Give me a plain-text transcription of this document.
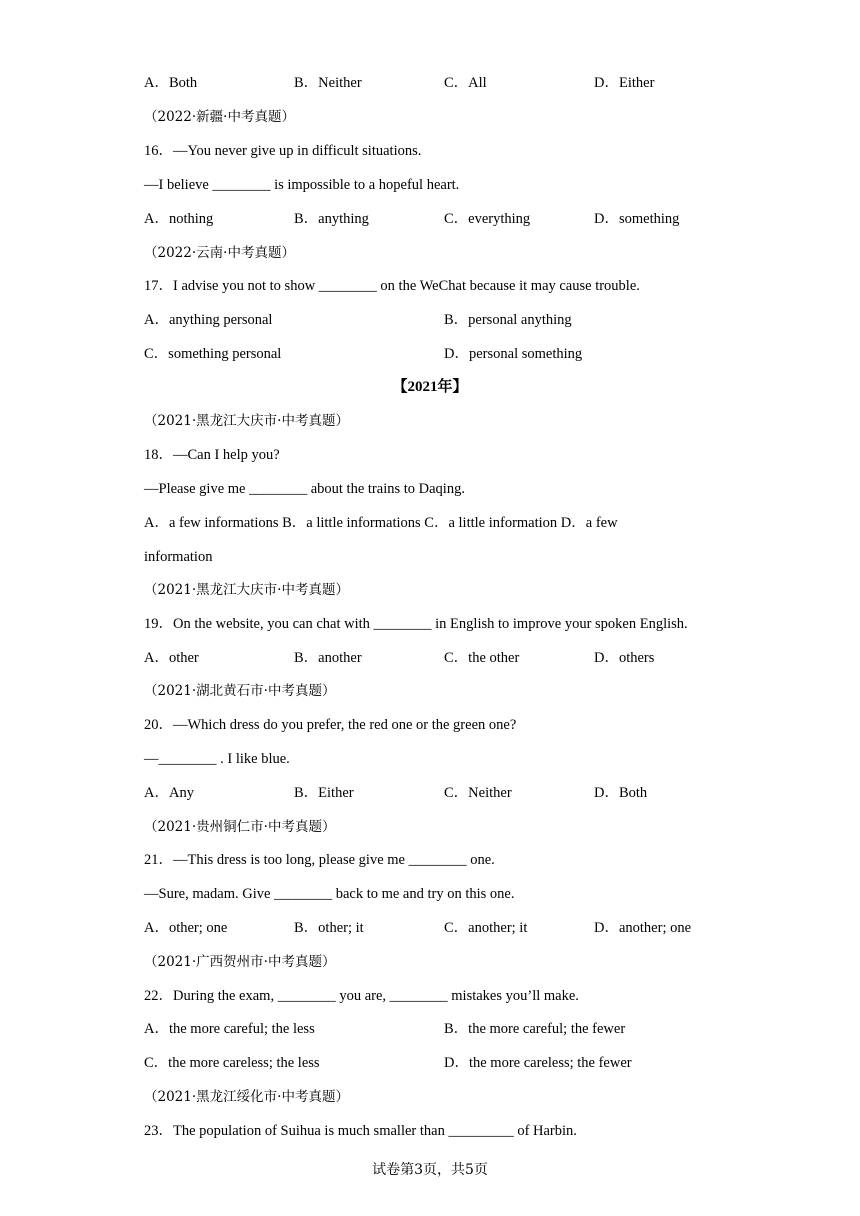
A．Both	B．Neither	C．All	D．Either
（2022·新疆·中考真题）
16．—You never give up in difficult situations.
—I believe ________ is impossible to a hopeful heart.
A．nothing	B．anything	C．everything	D．something
（2022·云南·中考真题）
17．I advise you not to show ________ on the WeChat because it may cause trouble.
A．anything personal	B．personal anything
C．something personal	D．personal something
【2021年】
（2021·黑龙江大庆市·中考真题）
18．—Can I help you?
—Please give me ________ about the trains to Daqing.
A．a few informations B．a little informations C．a little information D．a few
information
（2021·黑龙江大庆市·中考真题）
19．On the website, you can chat with ________ in English to improve your spoken English.
A．other	B．another	C．the other	D．others
（2021·湖北黄石市·中考真题）
20．—Which dress do you prefer, the red one or the green one?
—________ . I like blue.
A．Any	B．Either	C．Neither	D．Both
（2021·贵州铜仁市·中考真题）
21．—This dress is too long, please give me ________ one.
—Sure, madam. Give ________ back to me and try on this one.
A．other; one	B．other; it	C．another; it	D．another; one
（2021·广西贺州市·中考真题）
22．During the exam, ________ you are, ________ mistakes you’ll make.
A．the more careful; the less	B．the more careful; the fewer
C．the more careless; the less	D．the more careless; the fewer
（2021·黑龙江绥化市·中考真题）
23．The population of Suihua is much smaller than _________ of Harbin.
试卷第3页，共5页
